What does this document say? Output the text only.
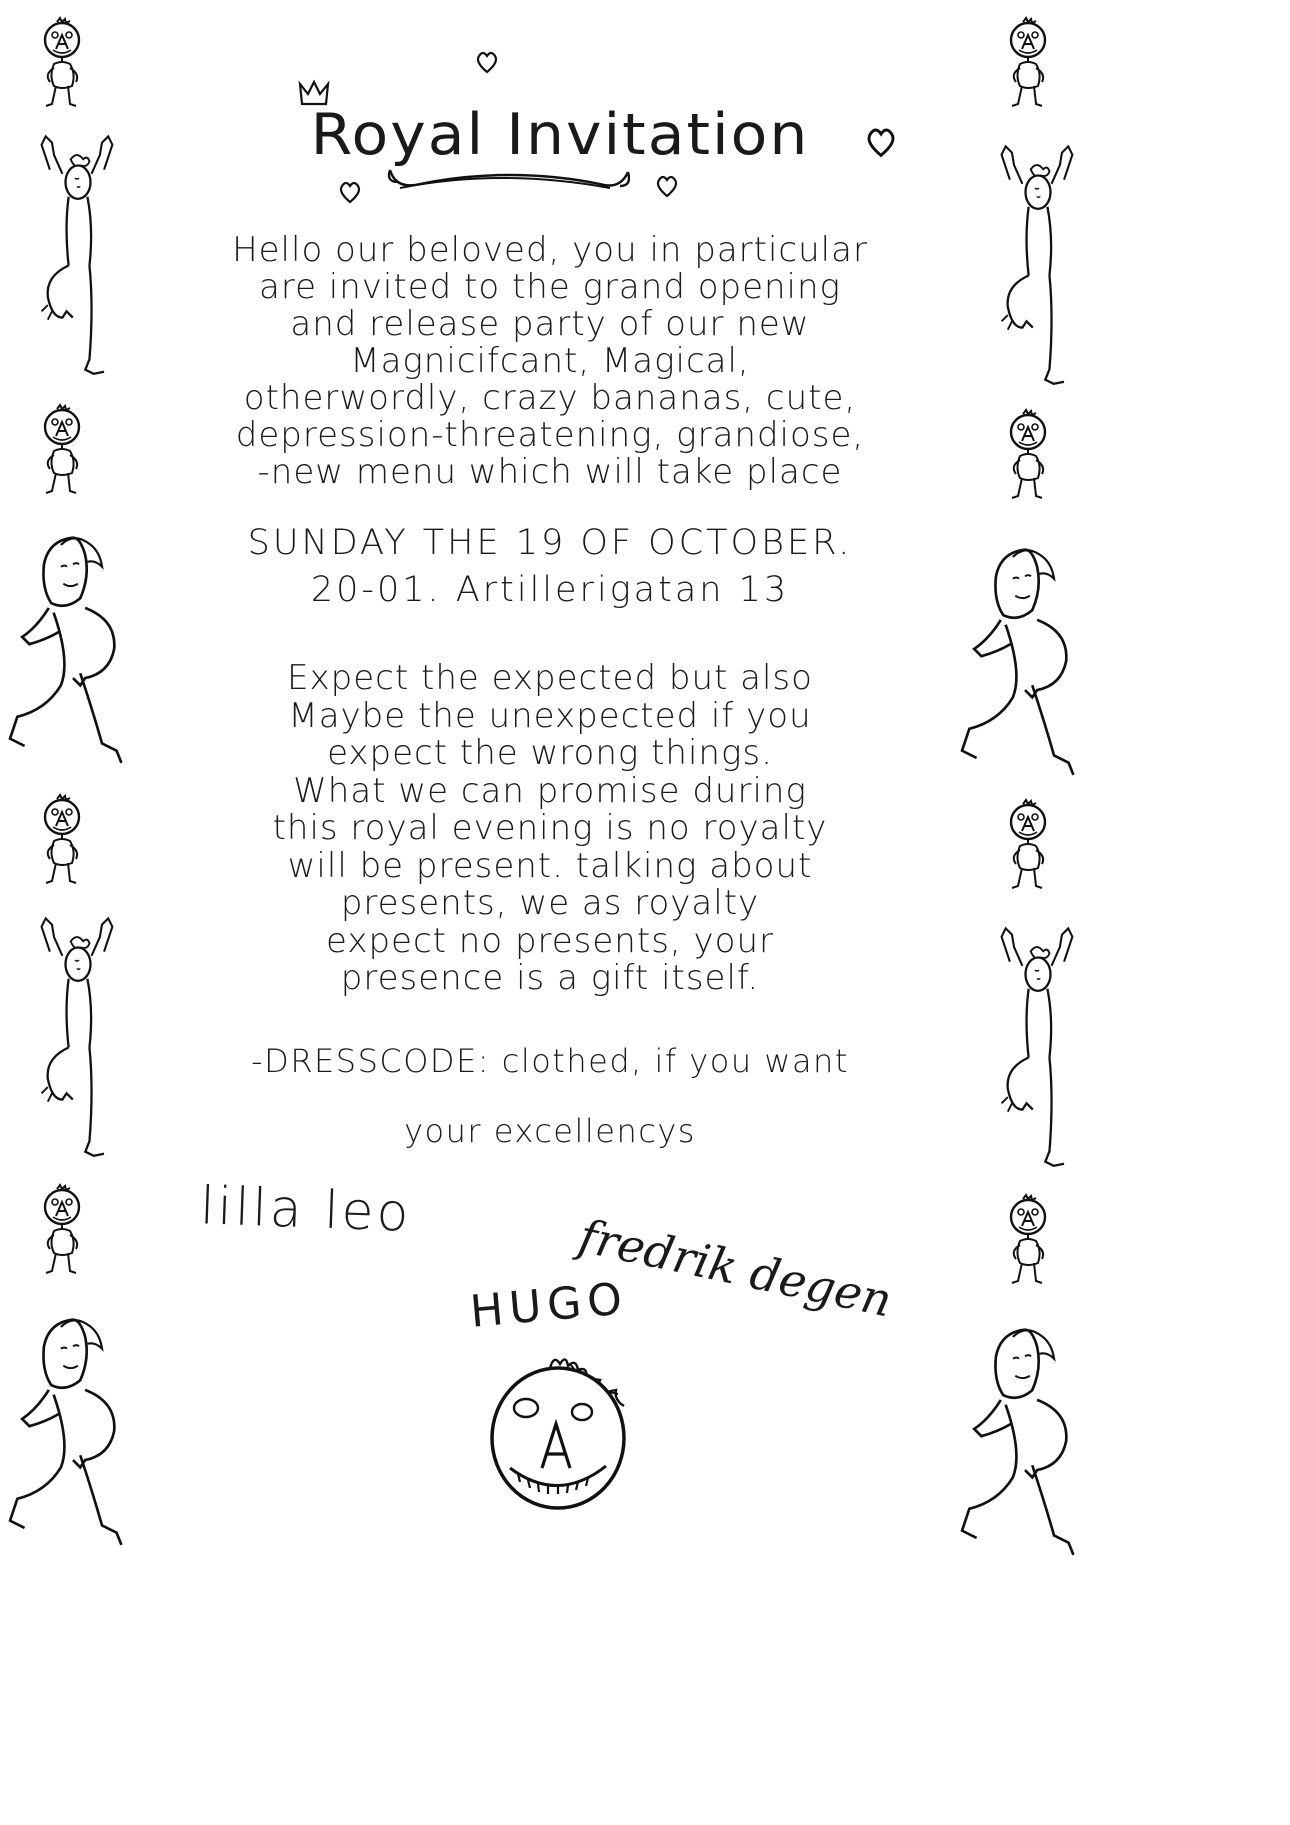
Royal Invitation
Hello our beloved, you in particular
are invited to the grand opening
and release party of our new
Magnicifcant, Magical,
otherwordly, crazy bananas, cute,
depression-threatening, grandiose,
-new menu which will take place
SUNDAY THE 19 OF OCTOBER.
20-01. Artillerigatan 13
Expect the expected but also
Maybe the unexpected if you
expect the wrong things.
What we can promise during
this royal evening is no royalty
will be present. talking about
presents, we as royalty
expect no presents, your
presence is a gift itself.
-DRESSCODE: clothed, if you want
your excellencys
lilla leo	fredrik degen
HUGO
